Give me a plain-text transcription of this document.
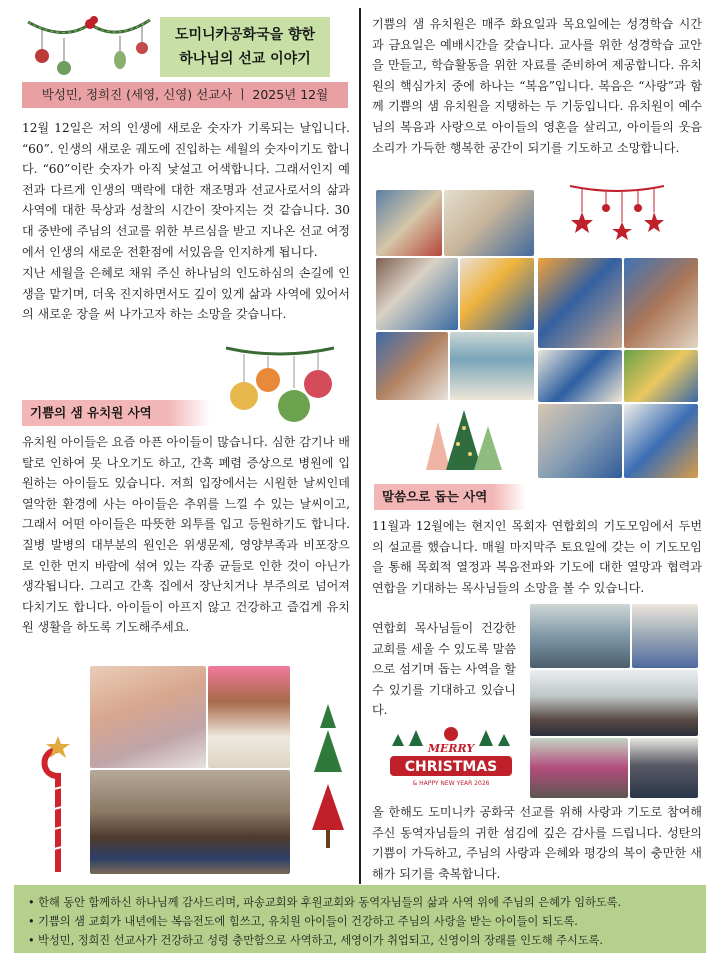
도미니카공화국을 향한
하나님의 선교 이야기
박성민, 정희진 (세영, 신영) 선교사 ㅣ 2025년 12월

12월 12일은 저의 인생에 새로운 숫자가 기록되는 날입니다. “60”. 인생의 새로운 궤도에 진입하는 세월의 숫자이기도 합니다. “60”이란 숫자가 아직 낯설고 어색합니다. 그래서인지 예전과 다르게 인생의 맥락에 대한 재조명과 선교사로서의 삶과 사역에 대한 묵상과 성찰의 시간이 잦아지는 것 같습니다. 30대 중반에 주님의 선교를 위한 부르심을 받고 지나온 선교 여정에서 인생의 새로운 전환점에 서있음을 인지하게 됩니다.

지난 세월을 은혜로 채워 주신 하나님의 인도하심의 손길에 인생을 맡기며, 더욱 진지하면서도 깊이 있게 삶과 사역에 있어서의 새로운 장을 써 나가고자 하는 소망을 갖습니다.

기쁨의 샘 유치원 사역

유치원 아이들은 요즘 아픈 아이들이 많습니다. 심한 감기나 배탈로 인하여 못 나오기도 하고, 간혹 폐렴 증상으로 병원에 입원하는 아이들도 있습니다. 저희 입장에서는 시원한 날씨인데 열악한 환경에 사는 아이들은 추위를 느낄 수 있는 날씨이고, 그래서 어떤 아이들은 따뜻한 외투를 입고 등원하기도 합니다. 질병 발병의 대부분의 원인은 위생문제, 영양부족과 비포장으로 인한 먼지 바람에 섞여 있는 각종 균들로 인한 것이 아닌가 생각됩니다. 그리고 간혹 집에서 장난치거나 부주의로 넘어져 다치기도 합니다. 아이들이 아프지 않고 건강하고 즐겁게 유치원 생활을 하도록 기도해주세요.

기쁨의 샘 유치원은 매주 화요일과 목요일에는 성경학습 시간과 금요일은 예배시간을 갖습니다. 교사를 위한 성경학습 교안을 만들고, 학습활동을 위한 자료를 준비하여 제공합니다. 유치원의 핵심가치 중에 하나는 “복음”입니다. 복음은 “사랑”과 함께 기쁨의 샘 유치원을 지탱하는 두 기둥입니다. 유치원이 예수님의 복음과 사랑으로 아이들의 영혼을 살리고, 아이들의 웃음소리가 가득한 행복한 공간이 되기를 기도하고 소망합니다.

말씀으로 돕는 사역

11월과 12월에는 현지인 목회자 연합회의 기도모임에서 두번의 설교를 했습니다. 매월 마지막주 토요일에 갖는 이 기도모임을 통해 목회적 열정과 복음전파와 기도에 대한 열망과 협력과 연합을 기대하는 목사님들의 소망을 볼 수 있습니다.

연합회 목사님들이 건강한 교회를 세울 수 있도록 말씀으로 섬기며 돕는 사역을 할 수 있기를 기대하고 있습니다.

MERRY
CHRISTMAS
& HAPPY NEW YEAR 2026

올 한해도 도미니카 공화국 선교를 위해 사랑과 기도로 참여해 주신 동역자님들의 귀한 섬김에 깊은 감사를 드립니다. 성탄의 기쁨이 가득하고, 주님의 사랑과 은혜와 평강의 복이 충만한 새해가 되기를 축복합니다.

• 한해 동안 함께하신 하나님께 감사드리며, 파송교회와 후원교회와 동역자님들의 삶과 사역 위에 주님의 은혜가 임하도록.
• 기쁨의 샘 교회가 내년에는 복음전도에 힘쓰고, 유치원 아이들이 건강하고 주님의 사랑을 받는 아이들이 되도록.
• 박성민, 정희진 선교사가 건강하고 성령 충만함으로 사역하고, 세영이가 취업되고, 신영이의 장래를 인도해 주시도록.
